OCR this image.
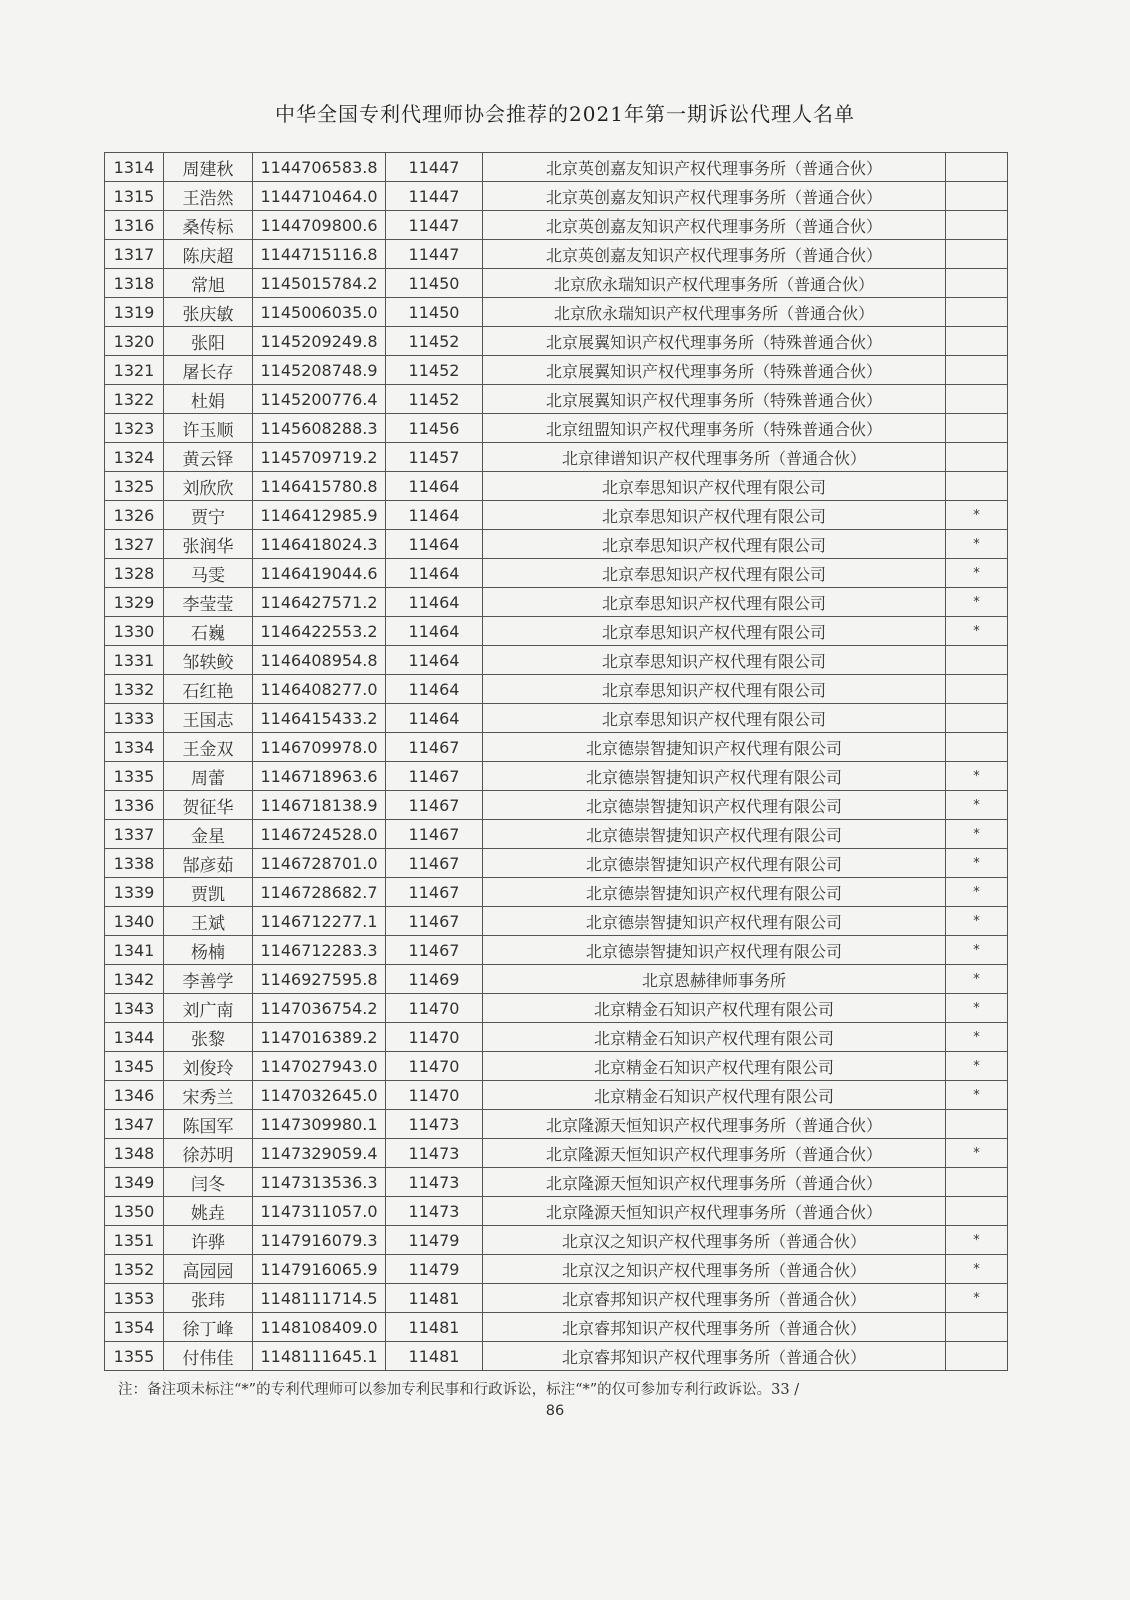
中华全国专利代理师协会推荐的2021年第一期诉讼代理人名单
1314	周建秋	1144706583.8	11447	北京英创嘉友知识产权代理事务所（普通合伙）	
1315	王浩然	1144710464.0	11447	北京英创嘉友知识产权代理事务所（普通合伙）	
1316	桑传标	1144709800.6	11447	北京英创嘉友知识产权代理事务所（普通合伙）	
1317	陈庆超	1144715116.8	11447	北京英创嘉友知识产权代理事务所（普通合伙）	
1318	常旭	1145015784.2	11450	北京欣永瑞知识产权代理事务所（普通合伙）	
1319	张庆敏	1145006035.0	11450	北京欣永瑞知识产权代理事务所（普通合伙）	
1320	张阳	1145209249.8	11452	北京展翼知识产权代理事务所（特殊普通合伙）	
1321	屠长存	1145208748.9	11452	北京展翼知识产权代理事务所（特殊普通合伙）	
1322	杜娟	1145200776.4	11452	北京展翼知识产权代理事务所（特殊普通合伙）	
1323	许玉顺	1145608288.3	11456	北京纽盟知识产权代理事务所（特殊普通合伙）	
1324	黄云铎	1145709719.2	11457	北京律谱知识产权代理事务所（普通合伙）	
1325	刘欣欣	1146415780.8	11464	北京奉思知识产权代理有限公司	
1326	贾宁	1146412985.9	11464	北京奉思知识产权代理有限公司	*
1327	张润华	1146418024.3	11464	北京奉思知识产权代理有限公司	*
1328	马雯	1146419044.6	11464	北京奉思知识产权代理有限公司	*
1329	李莹莹	1146427571.2	11464	北京奉思知识产权代理有限公司	*
1330	石巍	1146422553.2	11464	北京奉思知识产权代理有限公司	*
1331	邹轶鲛	1146408954.8	11464	北京奉思知识产权代理有限公司	
1332	石红艳	1146408277.0	11464	北京奉思知识产权代理有限公司	
1333	王国志	1146415433.2	11464	北京奉思知识产权代理有限公司	
1334	王金双	1146709978.0	11467	北京德崇智捷知识产权代理有限公司	
1335	周蕾	1146718963.6	11467	北京德崇智捷知识产权代理有限公司	*
1336	贺征华	1146718138.9	11467	北京德崇智捷知识产权代理有限公司	*
1337	金星	1146724528.0	11467	北京德崇智捷知识产权代理有限公司	*
1338	郜彦茹	1146728701.0	11467	北京德崇智捷知识产权代理有限公司	*
1339	贾凯	1146728682.7	11467	北京德崇智捷知识产权代理有限公司	*
1340	王斌	1146712277.1	11467	北京德崇智捷知识产权代理有限公司	*
1341	杨楠	1146712283.3	11467	北京德崇智捷知识产权代理有限公司	*
1342	李善学	1146927595.8	11469	北京恩赫律师事务所	*
1343	刘广南	1147036754.2	11470	北京精金石知识产权代理有限公司	*
1344	张黎	1147016389.2	11470	北京精金石知识产权代理有限公司	*
1345	刘俊玲	1147027943.0	11470	北京精金石知识产权代理有限公司	*
1346	宋秀兰	1147032645.0	11470	北京精金石知识产权代理有限公司	*
1347	陈国军	1147309980.1	11473	北京隆源天恒知识产权代理事务所（普通合伙）	
1348	徐苏明	1147329059.4	11473	北京隆源天恒知识产权代理事务所（普通合伙）	*
1349	闫冬	1147313536.3	11473	北京隆源天恒知识产权代理事务所（普通合伙）	
1350	姚垚	1147311057.0	11473	北京隆源天恒知识产权代理事务所（普通合伙）	
1351	许骅	1147916079.3	11479	北京汉之知识产权代理事务所（普通合伙）	*
1352	高园园	1147916065.9	11479	北京汉之知识产权代理事务所（普通合伙）	*
1353	张玮	1148111714.5	11481	北京睿邦知识产权代理事务所（普通合伙）	*
1354	徐丁峰	1148108409.0	11481	北京睿邦知识产权代理事务所（普通合伙）	
1355	付伟佳	1148111645.1	11481	北京睿邦知识产权代理事务所（普通合伙）	
注：备注项未标注“*”的专利代理师可以参加专利民事和行政诉讼，标注“*”的仅可参加专利行政诉讼。33 /
86
